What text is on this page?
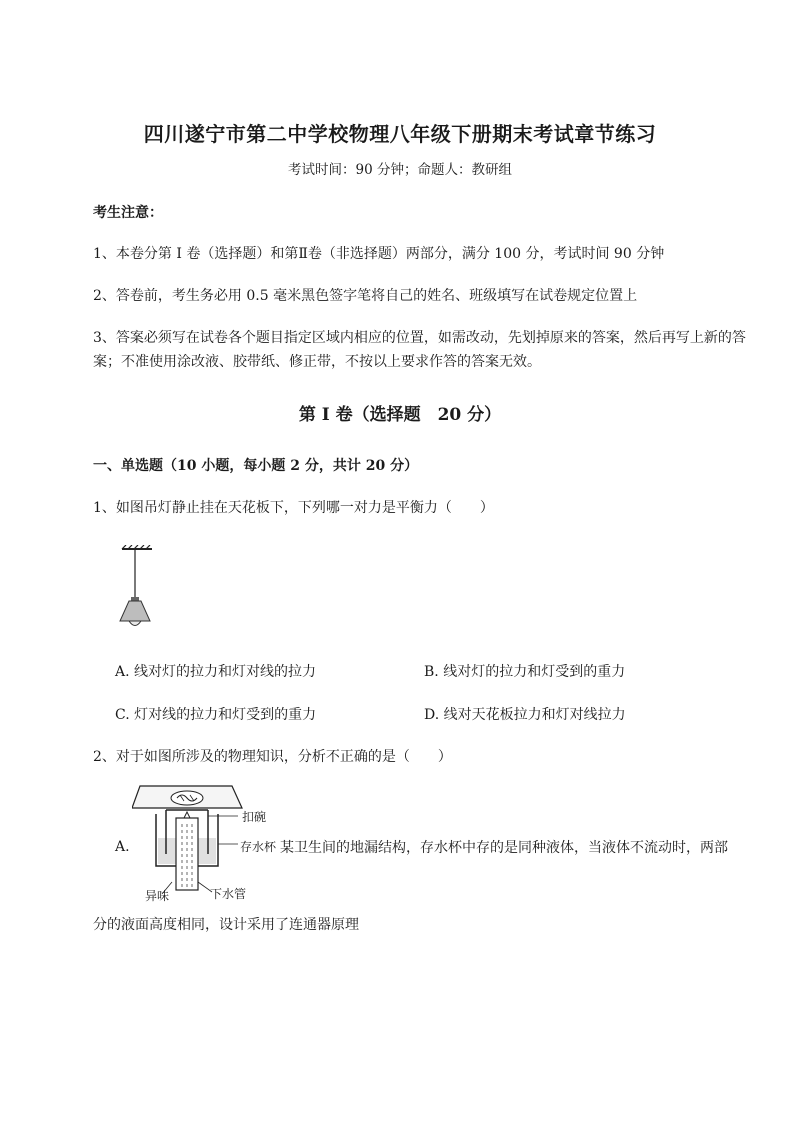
四川遂宁市第二中学校物理八年级下册期末考试章节练习
考试时间：90 分钟；命题人：教研组
考生注意：
1、本卷分第 I 卷（选择题）和第Ⅱ卷（非选择题）两部分，满分 100 分，考试时间 90 分钟
2、答卷前，考生务必用 0.5 毫米黑色签字笔将自己的姓名、班级填写在试卷规定位置上
3、答案必须写在试卷各个题目指定区域内相应的位置，如需改动，先划掉原来的答案，然后再写上新的答案；不准使用涂改液、胶带纸、修正带，不按以上要求作答的答案无效。
第 I 卷（选择题　20 分）
一、单选题（10 小题，每小题 2 分，共计 20 分）
1、如图吊灯静止挂在天花板下，下列哪一对力是平衡力（　　）
A. 线对灯的拉力和灯对线的拉力	B. 线对灯的拉力和灯受到的重力
C. 灯对线的拉力和灯受到的重力	D. 线对天花板拉力和灯对线拉力
2、对于如图所涉及的物理知识，分析不正确的是（　　）
A.
扣碗
存水杯
异味	下水管
某卫生间的地漏结构，存水杯中存的是同种液体，当液体不流动时，两部
分的液面高度相同，设计采用了连通器原理
